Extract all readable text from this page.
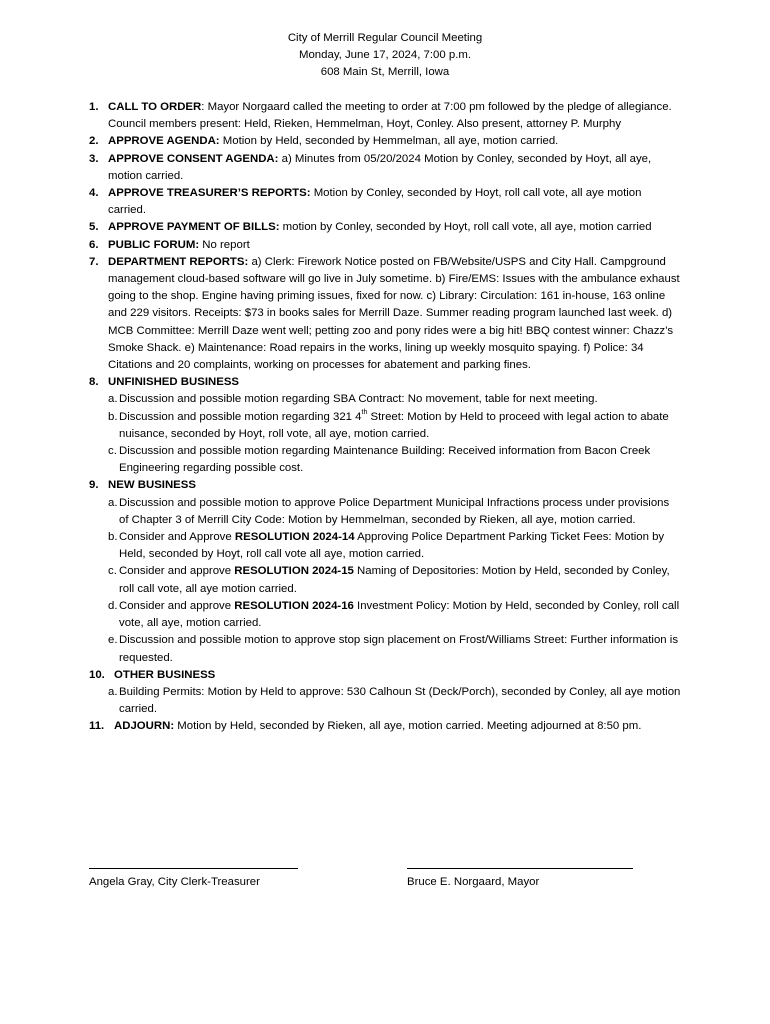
City of Merrill Regular Council Meeting
Monday, June 17, 2024, 7:00 p.m.
608 Main St, Merrill, Iowa
1. CALL TO ORDER: Mayor Norgaard called the meeting to order at 7:00 pm followed by the pledge of allegiance. Council members present: Held, Rieken, Hemmelman, Hoyt, Conley. Also present, attorney P. Murphy
2. APPROVE AGENDA: Motion by Held, seconded by Hemmelman, all aye, motion carried.
3. APPROVE CONSENT AGENDA: a) Minutes from 05/20/2024 Motion by Conley, seconded by Hoyt, all aye, motion carried.
4. APPROVE TREASURER’S REPORTS: Motion by Conley, seconded by Hoyt, roll call vote, all aye motion carried.
5. APPROVE PAYMENT OF BILLS: motion by Conley, seconded by Hoyt, roll call vote, all aye, motion carried
6. PUBLIC FORUM: No report
7. DEPARTMENT REPORTS: a) Clerk: Firework Notice posted on FB/Website/USPS and City Hall. Campground management cloud-based software will go live in July sometime. b) Fire/EMS: Issues with the ambulance exhaust going to the shop. Engine having priming issues, fixed for now. c) Library: Circulation: 161 in-house, 163 online and 229 visitors. Receipts: $73 in books sales for Merrill Daze. Summer reading program launched last week. d) MCB Committee: Merrill Daze went well; petting zoo and pony rides were a big hit! BBQ contest winner: Chazz’s Smoke Shack. e) Maintenance: Road repairs in the works, lining up weekly mosquito spaying. f) Police: 34 Citations and 20 complaints, working on processes for abatement and parking fines.
8. UNFINISHED BUSINESS
a. Discussion and possible motion regarding SBA Contract: No movement, table for next meeting.
b. Discussion and possible motion regarding 321 4th Street: Motion by Held to proceed with legal action to abate nuisance, seconded by Hoyt, roll vote, all aye, motion carried.
c. Discussion and possible motion regarding Maintenance Building: Received information from Bacon Creek Engineering regarding possible cost.
9. NEW BUSINESS
a. Discussion and possible motion to approve Police Department Municipal Infractions process under provisions of Chapter 3 of Merrill City Code: Motion by Hemmelman, seconded by Rieken, all aye, motion carried.
b. Consider and Approve RESOLUTION 2024-14 Approving Police Department Parking Ticket Fees: Motion by Held, seconded by Hoyt, roll call vote all aye, motion carried.
c. Consider and approve RESOLUTION 2024-15 Naming of Depositories: Motion by Held, seconded by Conley, roll call vote, all aye motion carried.
d. Consider and approve RESOLUTION 2024-16 Investment Policy: Motion by Held, seconded by Conley, roll call vote, all aye, motion carried.
e. Discussion and possible motion to approve stop sign placement on Frost/Williams Street: Further information is requested.
10. OTHER BUSINESS
a. Building Permits: Motion by Held to approve: 530 Calhoun St (Deck/Porch), seconded by Conley, all aye motion carried.
11. ADJOURN: Motion by Held, seconded by Rieken, all aye, motion carried. Meeting adjourned at 8:50 pm.
Angela Gray, City Clerk-Treasurer	Bruce E. Norgaard, Mayor
